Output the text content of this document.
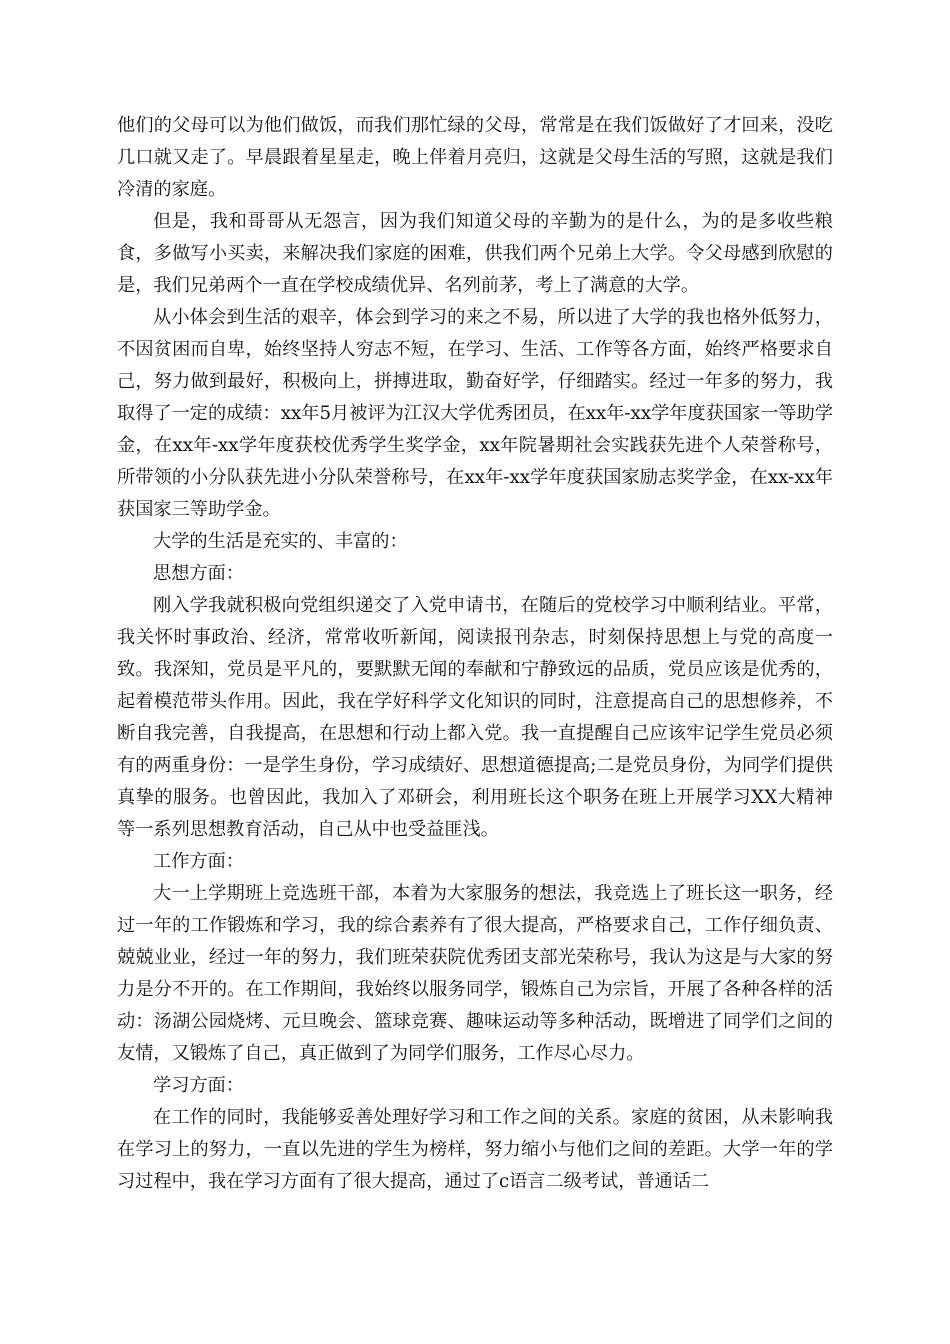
他们的父母可以为他们做饭，而我们那忙绿的父母，常常是在我们饭做好了才回来，没吃几口就又走了。早晨跟着星星走，晚上伴着月亮归，这就是父母生活的写照，这就是我们冷清的家庭。

但是，我和哥哥从无怨言，因为我们知道父母的辛勤为的是什么，为的是多收些粮食，多做写小买卖，来解决我们家庭的困难，供我们两个兄弟上大学。令父母感到欣慰的是，我们兄弟两个一直在学校成绩优异、名列前茅，考上了满意的大学。

从小体会到生活的艰辛，体会到学习的来之不易，所以进了大学的我也格外低努力，不因贫困而自卑，始终坚持人穷志不短，在学习、生活、工作等各方面，始终严格要求自己，努力做到最好，积极向上，拼搏进取，勤奋好学，仔细踏实。经过一年多的努力，我取得了一定的成绩：xx年5月被评为江汉大学优秀团员，在xx年-xx学年度获国家一等助学金，在xx年-xx学年度获校优秀学生奖学金，xx年院暑期社会实践获先进个人荣誉称号，所带领的小分队获先进小分队荣誉称号，在xx年-xx学年度获国家励志奖学金，在xx-xx年获国家三等助学金。

大学的生活是充实的、丰富的：

思想方面：

刚入学我就积极向党组织递交了入党申请书，在随后的党校学习中顺利结业。平常，我关怀时事政治、经济，常常收听新闻，阅读报刊杂志，时刻保持思想上与党的高度一致。我深知，党员是平凡的，要默默无闻的奉献和宁静致远的品质，党员应该是优秀的，起着模范带头作用。因此，我在学好科学文化知识的同时，注意提高自己的思想修养，不断自我完善，自我提高，在思想和行动上都入党。我一直提醒自己应该牢记学生党员必须有的两重身份：一是学生身份，学习成绩好、思想道德提高;二是党员身份，为同学们提供真挚的服务。也曾因此，我加入了邓研会，利用班长这个职务在班上开展学习XX大精神等一系列思想教育活动，自己从中也受益匪浅。

工作方面：

大一上学期班上竞选班干部，本着为大家服务的想法，我竞选上了班长这一职务，经过一年的工作锻炼和学习，我的综合素养有了很大提高，严格要求自己，工作仔细负责、兢兢业业，经过一年的努力，我们班荣获院优秀团支部光荣称号，我认为这是与大家的努力是分不开的。在工作期间，我始终以服务同学，锻炼自己为宗旨，开展了各种各样的活动：汤湖公园烧烤、元旦晚会、篮球竞赛、趣味运动等多种活动，既增进了同学们之间的友情，又锻炼了自己，真正做到了为同学们服务，工作尽心尽力。

学习方面：

在工作的同时，我能够妥善处理好学习和工作之间的关系。家庭的贫困，从未影响我在学习上的努力，一直以先进的学生为榜样，努力缩小与他们之间的差距。大学一年的学习过程中，我在学习方面有了很大提高，通过了c语言二级考试，普通话二
